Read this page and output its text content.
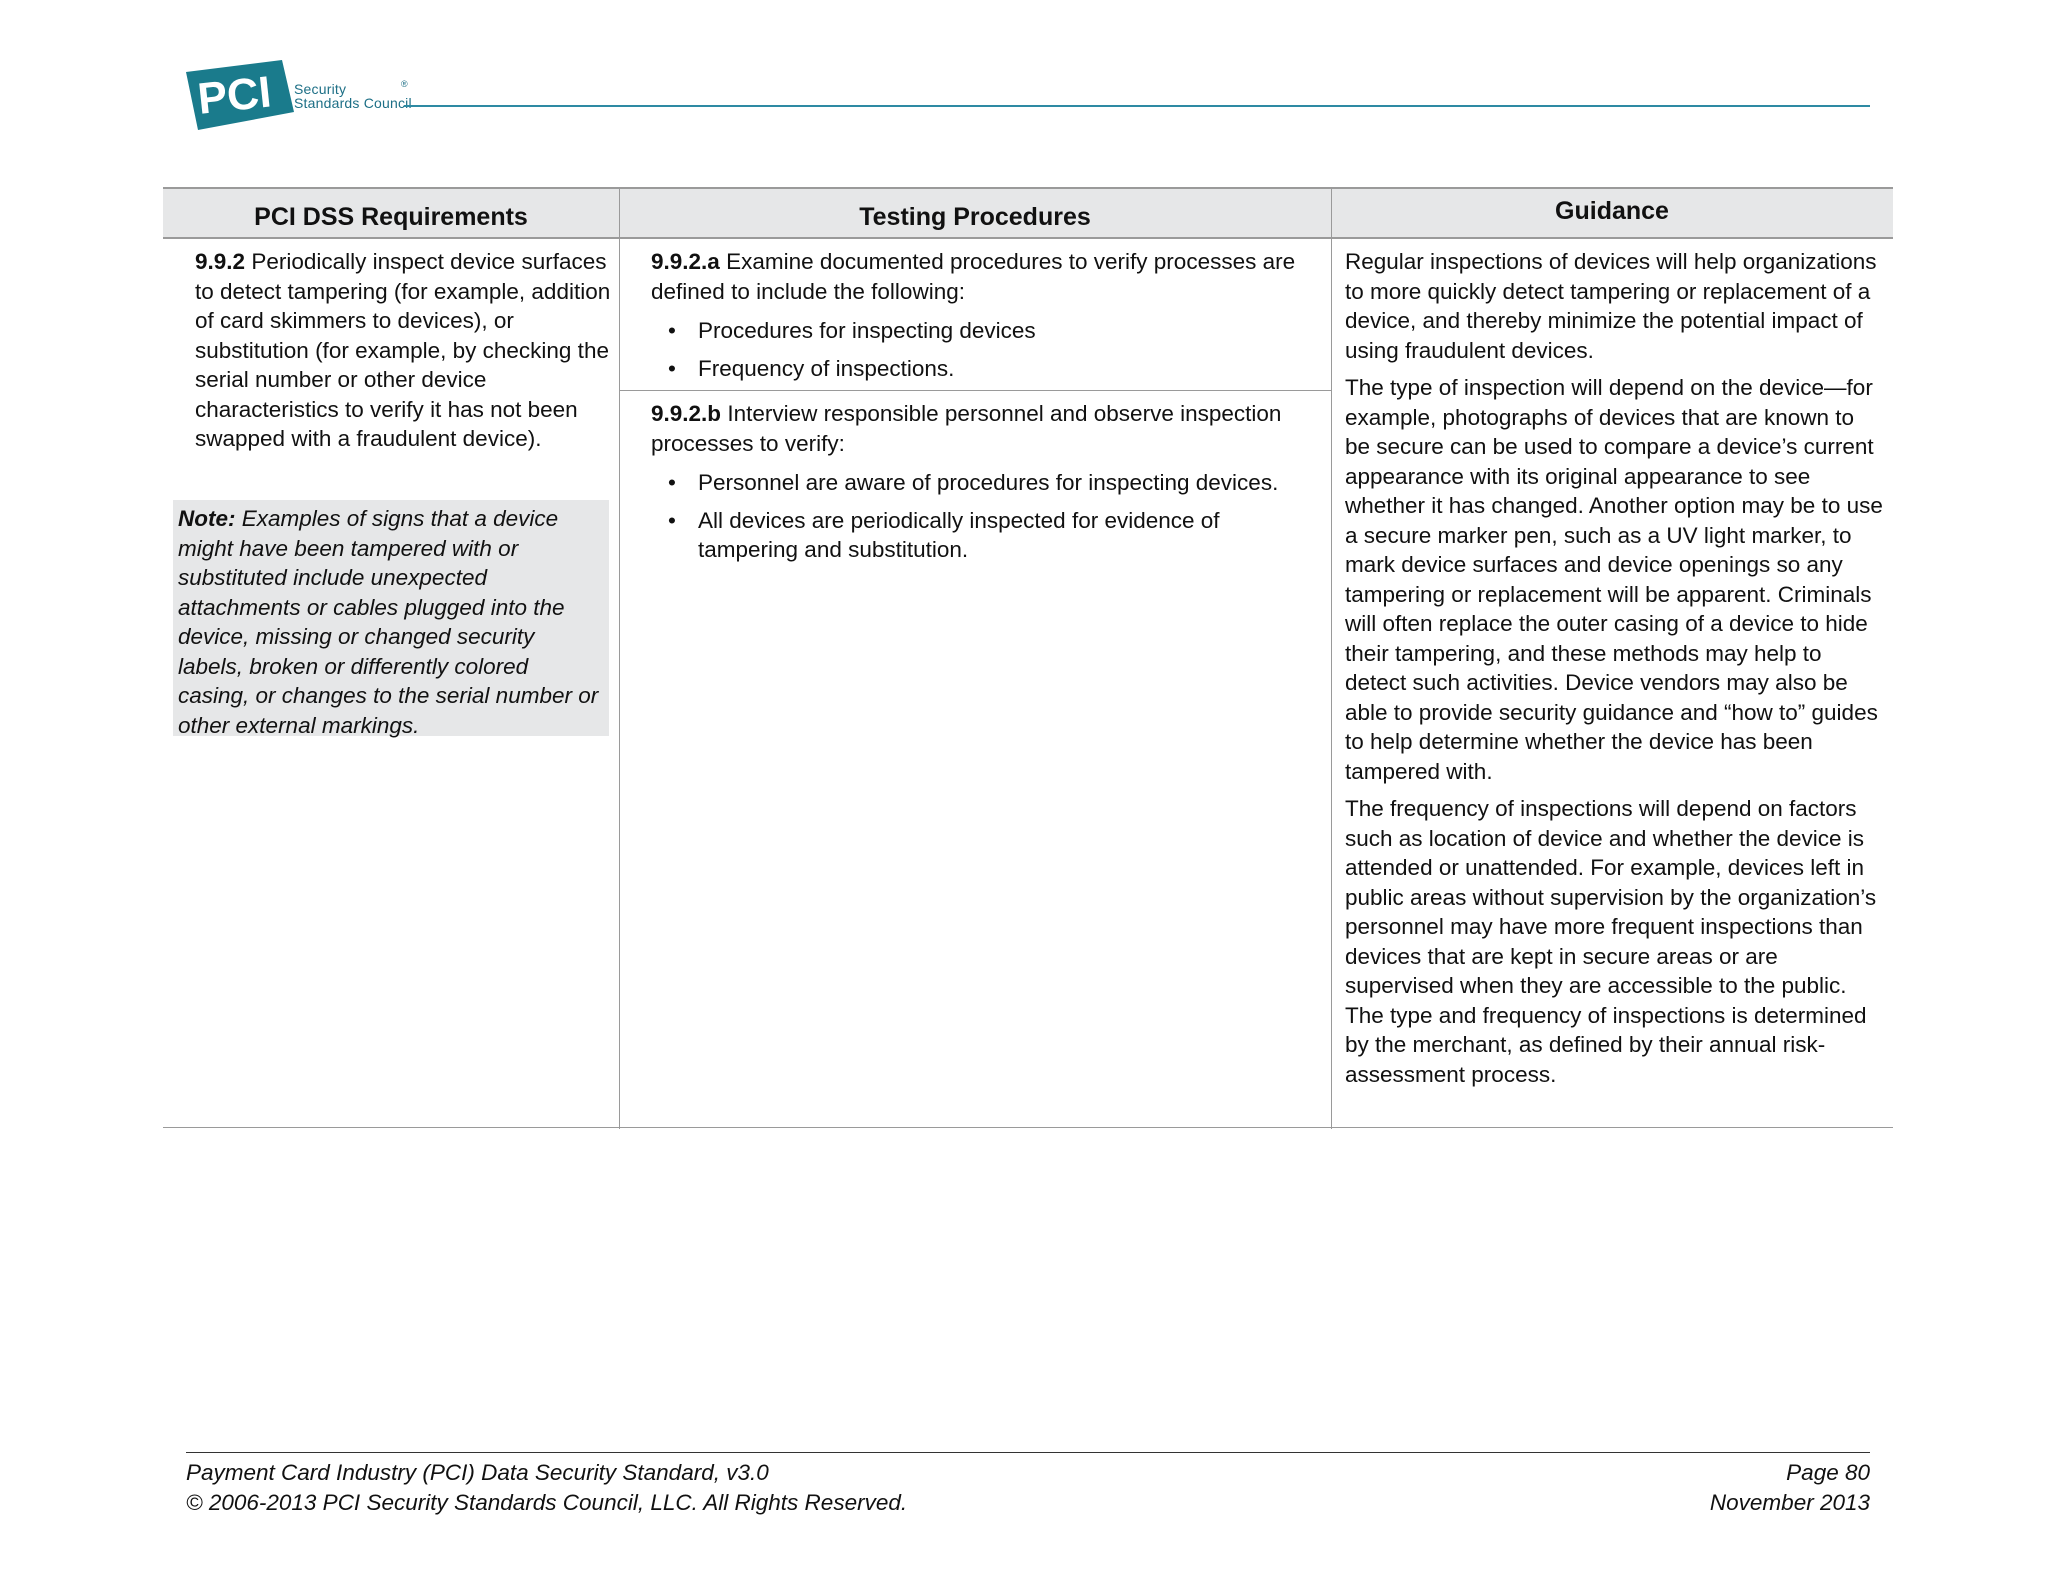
PCI Security
Standards Council
®
PCI DSS Requirements	Testing Procedures	Guidance
9.9.2 Periodically inspect device surfaces to detect tampering (for example, addition of card skimmers to devices), or substitution (for example, by checking the serial number or other device characteristics to verify it has not been swapped with a fraudulent device).
Note: Examples of signs that a device might have been tampered with or substituted include unexpected attachments or cables plugged into the device, missing or changed security labels, broken or differently colored casing, or changes to the serial number or other external markings.
9.9.2.a Examine documented procedures to verify processes are defined to include the following:
• Procedures for inspecting devices
• Frequency of inspections.
9.9.2.b Interview responsible personnel and observe inspection processes to verify:
• Personnel are aware of procedures for inspecting devices.
• All devices are periodically inspected for evidence of tampering and substitution.

Regular inspections of devices will help organizations to more quickly detect tampering or replacement of a device, and thereby minimize the potential impact of using fraudulent devices.

The type of inspection will depend on the device—for example, photographs of devices that are known to be secure can be used to compare a device’s current appearance with its original appearance to see whether it has changed. Another option may be to use a secure marker pen, such as a UV light marker, to mark device surfaces and device openings so any tampering or replacement will be apparent. Criminals will often replace the outer casing of a device to hide their tampering, and these methods may help to detect such activities. Device vendors may also be able to provide security guidance and “how to” guides to help determine whether the device has been tampered with.

The frequency of inspections will depend on factors such as location of device and whether the device is attended or unattended. For example, devices left in public areas without supervision by the organization’s personnel may have more frequent inspections than devices that are kept in secure areas or are supervised when they are accessible to the public. The type and frequency of inspections is determined by the merchant, as defined by their annual risk-assessment process.

Payment Card Industry (PCI) Data Security Standard, v3.0
© 2006-2013 PCI Security Standards Council, LLC. All Rights Reserved.
Page 80
November 2013
